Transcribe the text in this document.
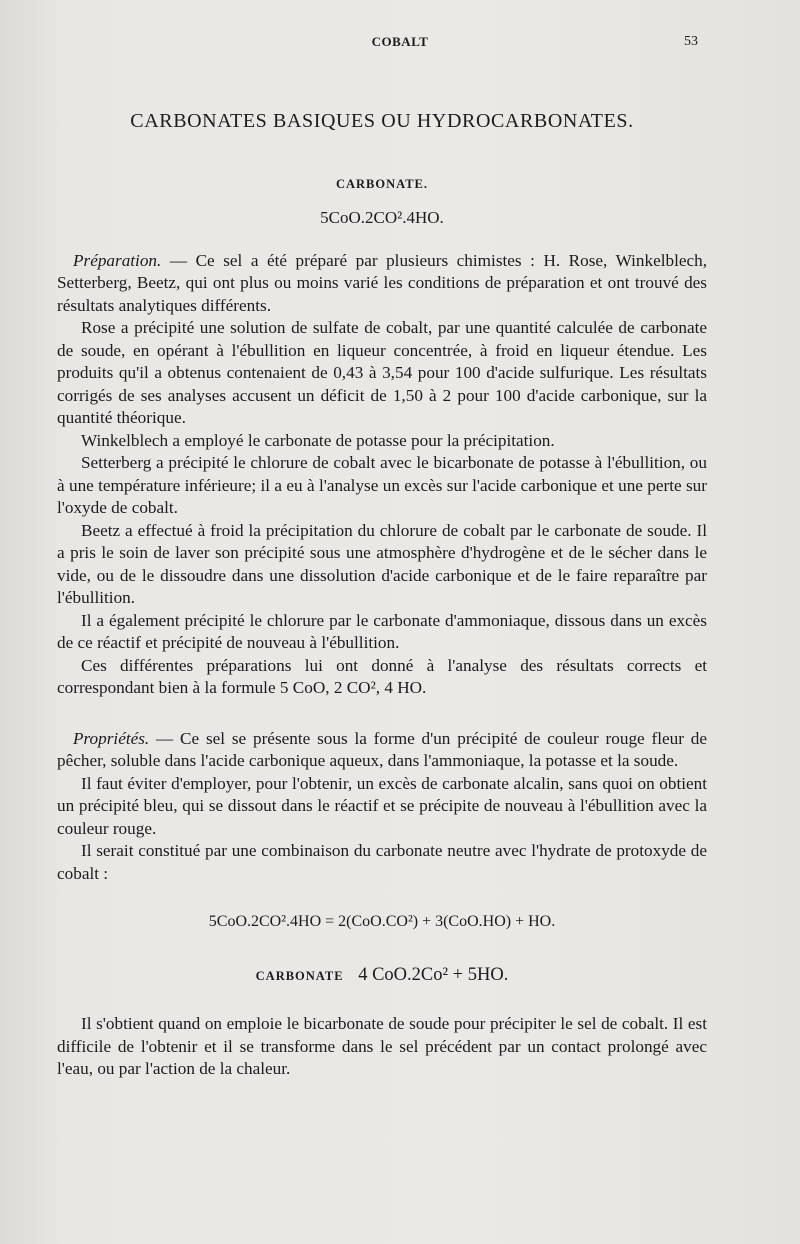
COBALT	53
CARBONATES BASIQUES OU HYDROCARBONATES.
CARBONATE.
5CoO.2CO².4HO.

Préparation. — Ce sel a été préparé par plusieurs chimistes : H. Rose, Winkelblech, Setterberg, Beetz, qui ont plus ou moins varié les conditions de préparation et ont trouvé des résultats analytiques différents.

Rose a précipité une solution de sulfate de cobalt, par une quantité calculée de carbonate de soude, en opérant à l'ébullition en liqueur concentrée, à froid en liqueur étendue. Les produits qu'il a obtenus contenaient de 0,43 à 3,54 pour 100 d'acide sulfurique. Les résultats corrigés de ses analyses accusent un déficit de 1,50 à 2 pour 100 d'acide carbonique, sur la quantité théorique.

Winkelblech a employé le carbonate de potasse pour la précipitation.

Setterberg a précipité le chlorure de cobalt avec le bicarbonate de potasse à l'ébullition, ou à une température inférieure; il a eu à l'analyse un excès sur l'acide carbonique et une perte sur l'oxyde de cobalt.

Beetz a effectué à froid la précipitation du chlorure de cobalt par le carbonate de soude. Il a pris le soin de laver son précipité sous une atmosphère d'hydrogène et de le sécher dans le vide, ou de le dissoudre dans une dissolution d'acide carbonique et de le faire reparaître par l'ébullition.

Il a également précipité le chlorure par le carbonate d'ammoniaque, dissous dans un excès de ce réactif et précipité de nouveau à l'ébullition.

Ces différentes préparations lui ont donné à l'analyse des résultats corrects et correspondant bien à la formule 5 CoO, 2 CO², 4 HO.

Propriétés. — Ce sel se présente sous la forme d'un précipité de couleur rouge fleur de pêcher, soluble dans l'acide carbonique aqueux, dans l'ammoniaque, la potasse et la soude.

Il faut éviter d'employer, pour l'obtenir, un excès de carbonate alcalin, sans quoi on obtient un précipité bleu, qui se dissout dans le réactif et se précipite de nouveau à l'ébullition avec la couleur rouge.

Il serait constitué par une combinaison du carbonate neutre avec l'hydrate de protoxyde de cobalt :

5CoO.2CO².4HO = 2(CoO.CO²) + 3(CoO.HO) + HO.
CARBONATE 4 CoO.2Co² + 5HO.

Il s'obtient quand on emploie le bicarbonate de soude pour précipiter le sel de cobalt. Il est difficile de l'obtenir et il se transforme dans le sel précédent par un contact prolongé avec l'eau, ou par l'action de la chaleur.
